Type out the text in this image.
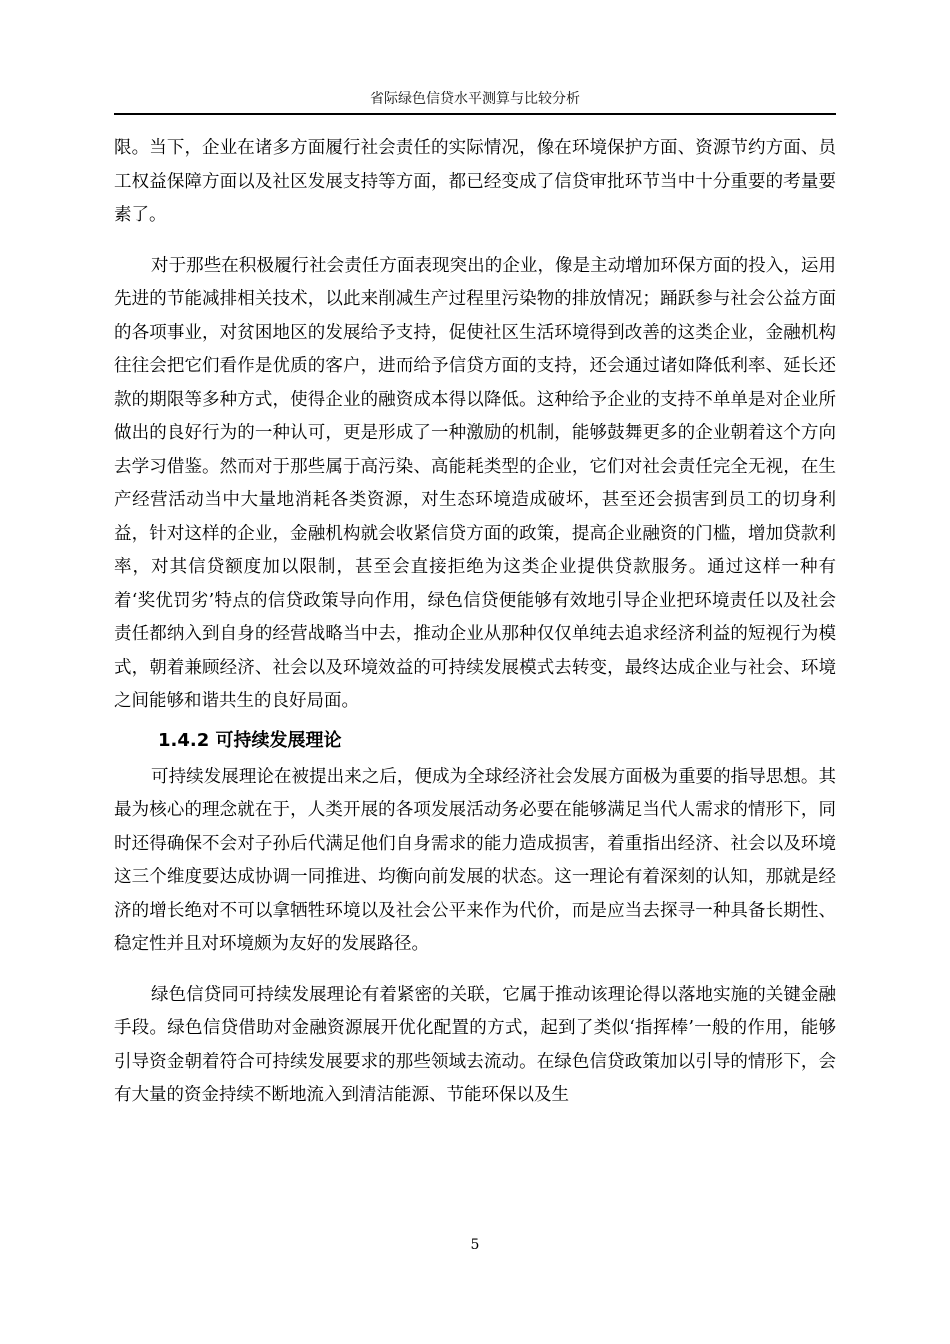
省际绿色信贷水平测算与比较分析

限。当下，企业在诸多方面履行社会责任的实际情况，像在环境保护方面、资源节约方面、员工权益保障方面以及社区发展支持等方面，都已经变成了信贷审批环节当中十分重要的考量要素了。

对于那些在积极履行社会责任方面表现突出的企业，像是主动增加环保方面的投入，运用先进的节能减排相关技术，以此来削减生产过程里污染物的排放情况；踊跃参与社会公益方面的各项事业，对贫困地区的发展给予支持，促使社区生活环境得到改善的这类企业，金融机构往往会把它们看作是优质的客户，进而给予信贷方面的支持，还会通过诸如降低利率、延长还款的期限等多种方式，使得企业的融资成本得以降低。这种给予企业的支持不单单是对企业所做出的良好行为的一种认可，更是形成了一种激励的机制，能够鼓舞更多的企业朝着这个方向去学习借鉴。然而对于那些属于高污染、高能耗类型的企业，它们对社会责任完全无视，在生产经营活动当中大量地消耗各类资源，对生态环境造成破坏，甚至还会损害到员工的切身利益，针对这样的企业，金融机构就会收紧信贷方面的政策，提高企业融资的门槛，增加贷款利率，对其信贷额度加以限制，甚至会直接拒绝为这类企业提供贷款服务。通过这样一种有着‘奖优罚劣’特点的信贷政策导向作用，绿色信贷便能够有效地引导企业把环境责任以及社会责任都纳入到自身的经营战略当中去，推动企业从那种仅仅单纯去追求经济利益的短视行为模式，朝着兼顾经济、社会以及环境效益的可持续发展模式去转变，最终达成企业与社会、环境之间能够和谐共生的良好局面。

1.4.2 可持续发展理论

可持续发展理论在被提出来之后，便成为全球经济社会发展方面极为重要的指导思想。其最为核心的理念就在于，人类开展的各项发展活动务必要在能够满足当代人需求的情形下，同时还得确保不会对子孙后代满足他们自身需求的能力造成损害，着重指出经济、社会以及环境这三个维度要达成协调一同推进、均衡向前发展的状态。这一理论有着深刻的认知，那就是经济的增长绝对不可以拿牺牲环境以及社会公平来作为代价，而是应当去探寻一种具备长期性、稳定性并且对环境颇为友好的发展路径。

绿色信贷同可持续发展理论有着紧密的关联，它属于推动该理论得以落地实施的关键金融手段。绿色信贷借助对金融资源展开优化配置的方式，起到了类似‘指挥棒’一般的作用，能够引导资金朝着符合可持续发展要求的那些领域去流动。在绿色信贷政策加以引导的情形下，会有大量的资金持续不断地流入到清洁能源、节能环保以及生

5
